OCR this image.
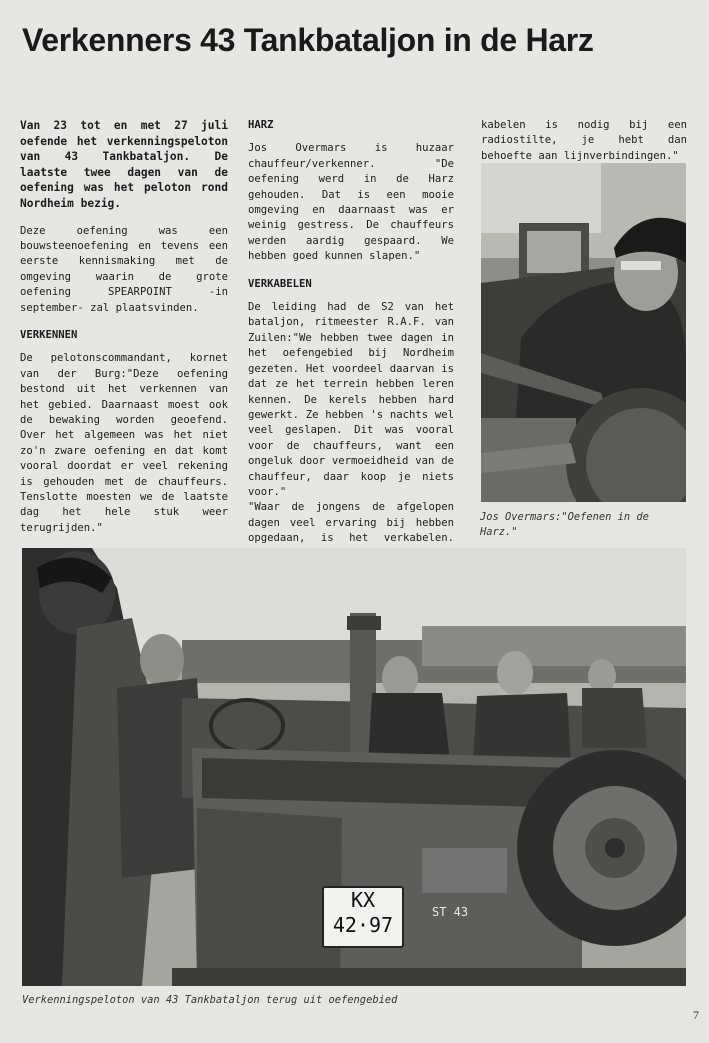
Verkenners 43 Tankbataljon in de Harz

Van 23 tot en met 27 juli oefende het verkenningspeloton van 43 Tankbataljon. De laatste twee dagen van de oefening was het peloton rond Nordheim bezig.

Deze oefening was een bouwsteenoefening en tevens een eerste kennismaking met de omgeving waarin de grote oefening SPEARPOINT -in september- zal plaatsvinden.

VERKENNEN

De pelotonscommandant, kornet van der Burg:"Deze oefening bestond uit het verkennen van het gebied. Daarnaast moest ook de bewaking worden geoefend. Over het algemeen was het niet zo'n zware oefening en dat komt vooral doordat er veel rekening is gehouden met de chauffeurs. Tenslotte moesten we de laatste dag het hele stuk weer terugrijden."

HARZ

Jos Overmars is huzaar chauffeur/verkenner. "De oefening werd in de Harz gehouden. Dat is een mooie omgeving en daarnaast was er weinig gestress. De chauffeurs werden aardig gespaard. We hebben goed kunnen slapen."

VERKABELEN

De leiding had de S2 van het bataljon, ritmeester R.A.F. van Zuilen:"We hebben twee dagen in het oefengebied bij Nordheim gezeten. Het voordeel daarvan is dat ze het terrein hebben leren kennen. De kerels hebben hard gewerkt. Ze hebben 's nachts wel veel geslapen. Dit was vooral voor de chauffeurs, want een ongeluk door vermoeidheid van de chauffeur, daar koop je niets voor."

"Waar de jongens de afgelopen dagen veel ervaring bij hebben opgedaan, is het verkabelen.

kabelen is nodig bij een radiostilte, je hebt dan behoefte aan lijnverbindingen."

Jos Overmars:"Oefenen in de Harz."
KX
42·97
ST 43
Verkenningspeloton van 43 Tankbataljon terug uit oefengebied
7
